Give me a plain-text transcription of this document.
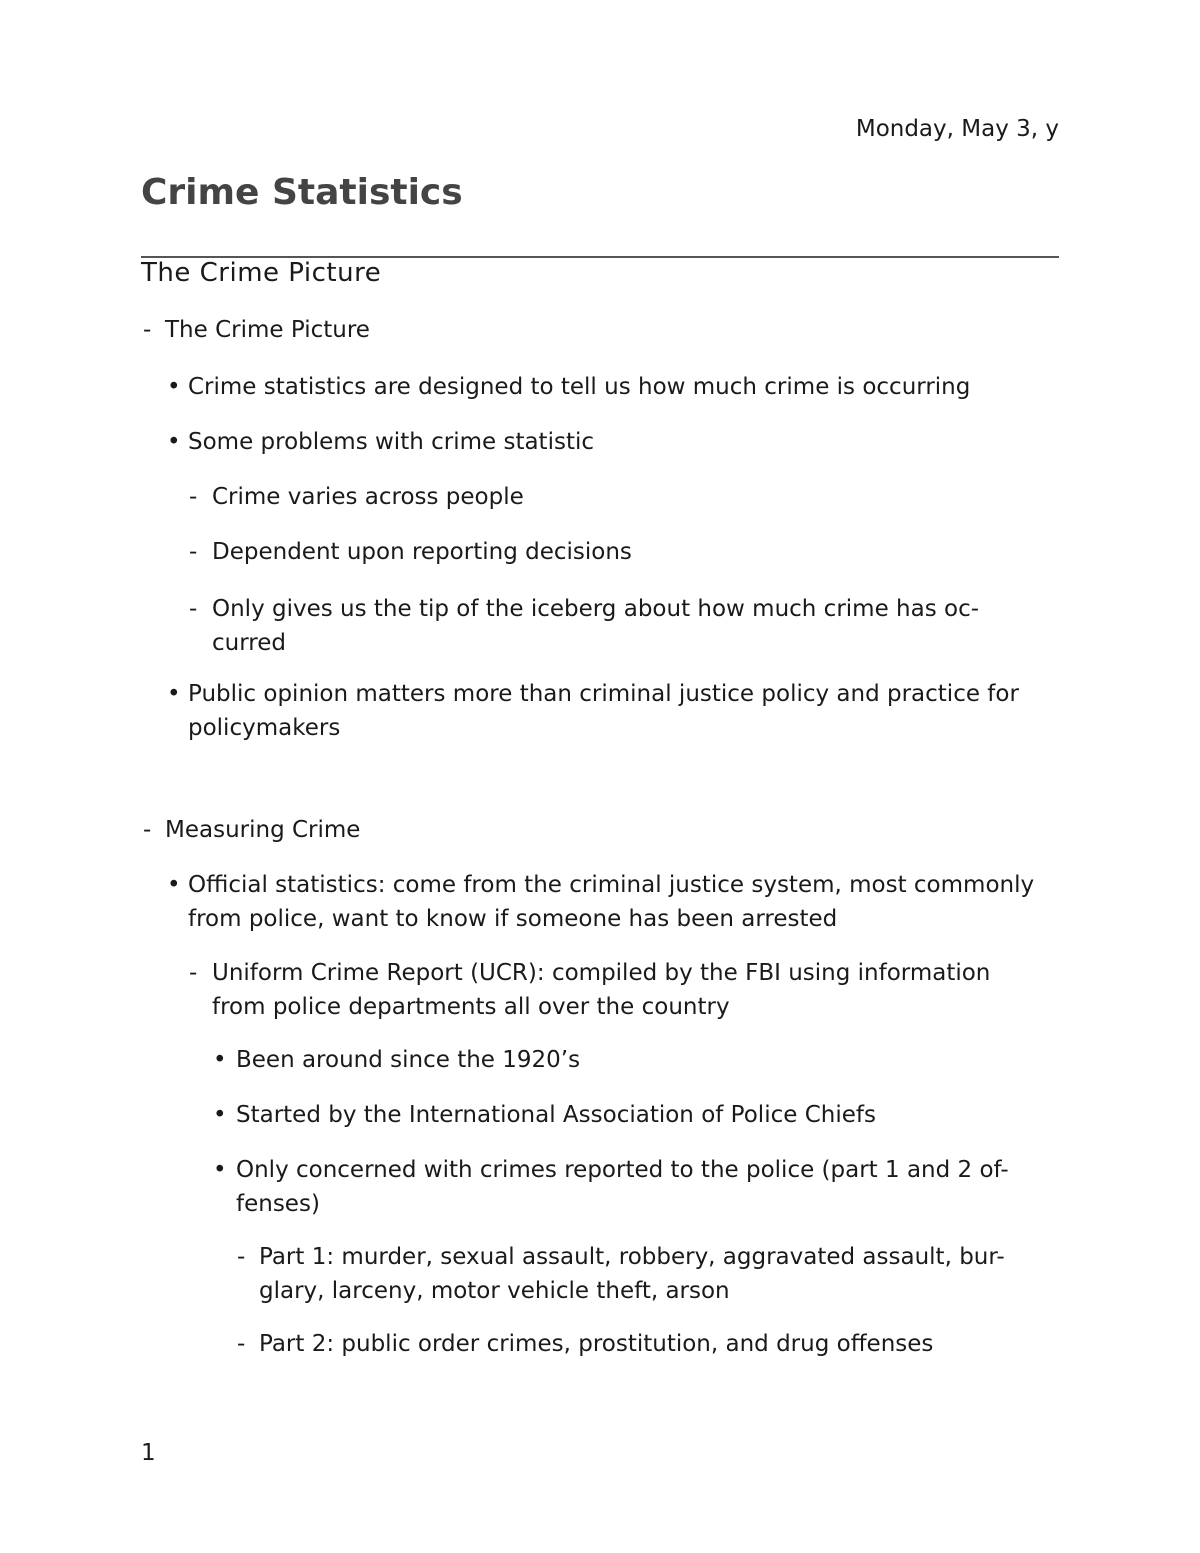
Monday, May 3, y
Crime Statistics
The Crime Picture
- The Crime Picture
• Crime statistics are designed to tell us how much crime is occurring
• Some problems with crime statistic
- Crime varies across people
- Dependent upon reporting decisions
- Only gives us the tip of the iceberg about how much crime has oc-
curred
• Public opinion matters more than criminal justice policy and practice for
policymakers
- Measuring Crime
• Official statistics: come from the criminal justice system, most commonly
from police, want to know if someone has been arrested
- Uniform Crime Report (UCR): compiled by the FBI using information
from police departments all over the country
• Been around since the 1920’s
• Started by the International Association of Police Chiefs
• Only concerned with crimes reported to the police (part 1 and 2 of-
fenses)
- Part 1: murder, sexual assault, robbery, aggravated assault, bur-
glary, larceny, motor vehicle theft, arson
- Part 2: public order crimes, prostitution, and drug offenses
1
